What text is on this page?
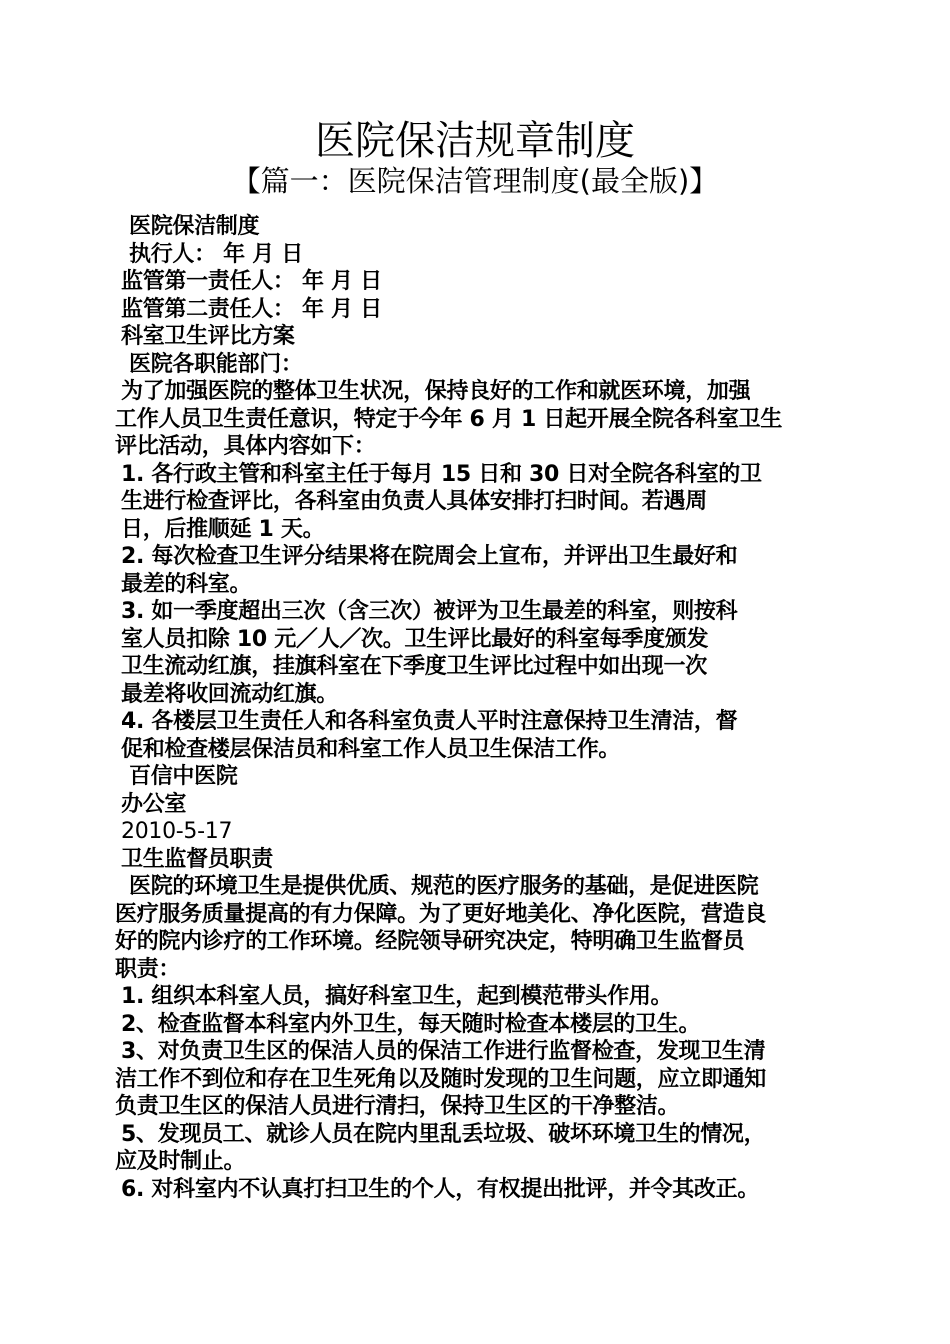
医院保洁规章制度
【篇一：医院保洁管理制度(最全版)】
医院保洁制度
执行人： 年 月 日
监管第一责任人： 年 月 日
监管第二责任人： 年 月 日
科室卫生评比方案
医院各职能部门：
为了加强医院的整体卫生状况，保持良好的工作和就医环境，加强
工作人员卫生责任意识，特定于今年 6 月 1 日起开展全院各科室卫生
评比活动，具体内容如下：
1. 各行政主管和科室主任于每月 15 日和 30 日对全院各科室的卫
生进行检查评比，各科室由负责人具体安排打扫时间。若遇周
日，后推顺延 1 天。
2. 每次检查卫生评分结果将在院周会上宣布，并评出卫生最好和
最差的科室。
3. 如一季度超出三次（含三次）被评为卫生最差的科室，则按科
室人员扣除 10 元／人／次。卫生评比最好的科室每季度颁发
卫生流动红旗，挂旗科室在下季度卫生评比过程中如出现一次
最差将收回流动红旗。
4. 各楼层卫生责任人和各科室负责人平时注意保持卫生清洁，督
促和检查楼层保洁员和科室工作人员卫生保洁工作。
百信中医院
办公室
2010-5-17
卫生监督员职责
医院的环境卫生是提供优质、规范的医疗服务的基础，是促进医院
医疗服务质量提高的有力保障。为了更好地美化、净化医院，营造良
好的院内诊疗的工作环境。经院领导研究决定，特明确卫生监督员
职责：
1. 组织本科室人员，搞好科室卫生，起到模范带头作用。
2、检查监督本科室内外卫生，每天随时检查本楼层的卫生。
3、对负责卫生区的保洁人员的保洁工作进行监督检查，发现卫生清
洁工作不到位和存在卫生死角以及随时发现的卫生问题，应立即通知
负责卫生区的保洁人员进行清扫，保持卫生区的干净整洁。
5、发现员工、就诊人员在院内里乱丢垃圾、破坏环境卫生的情况，
应及时制止。
6. 对科室内不认真打扫卫生的个人，有权提出批评，并令其改正。
